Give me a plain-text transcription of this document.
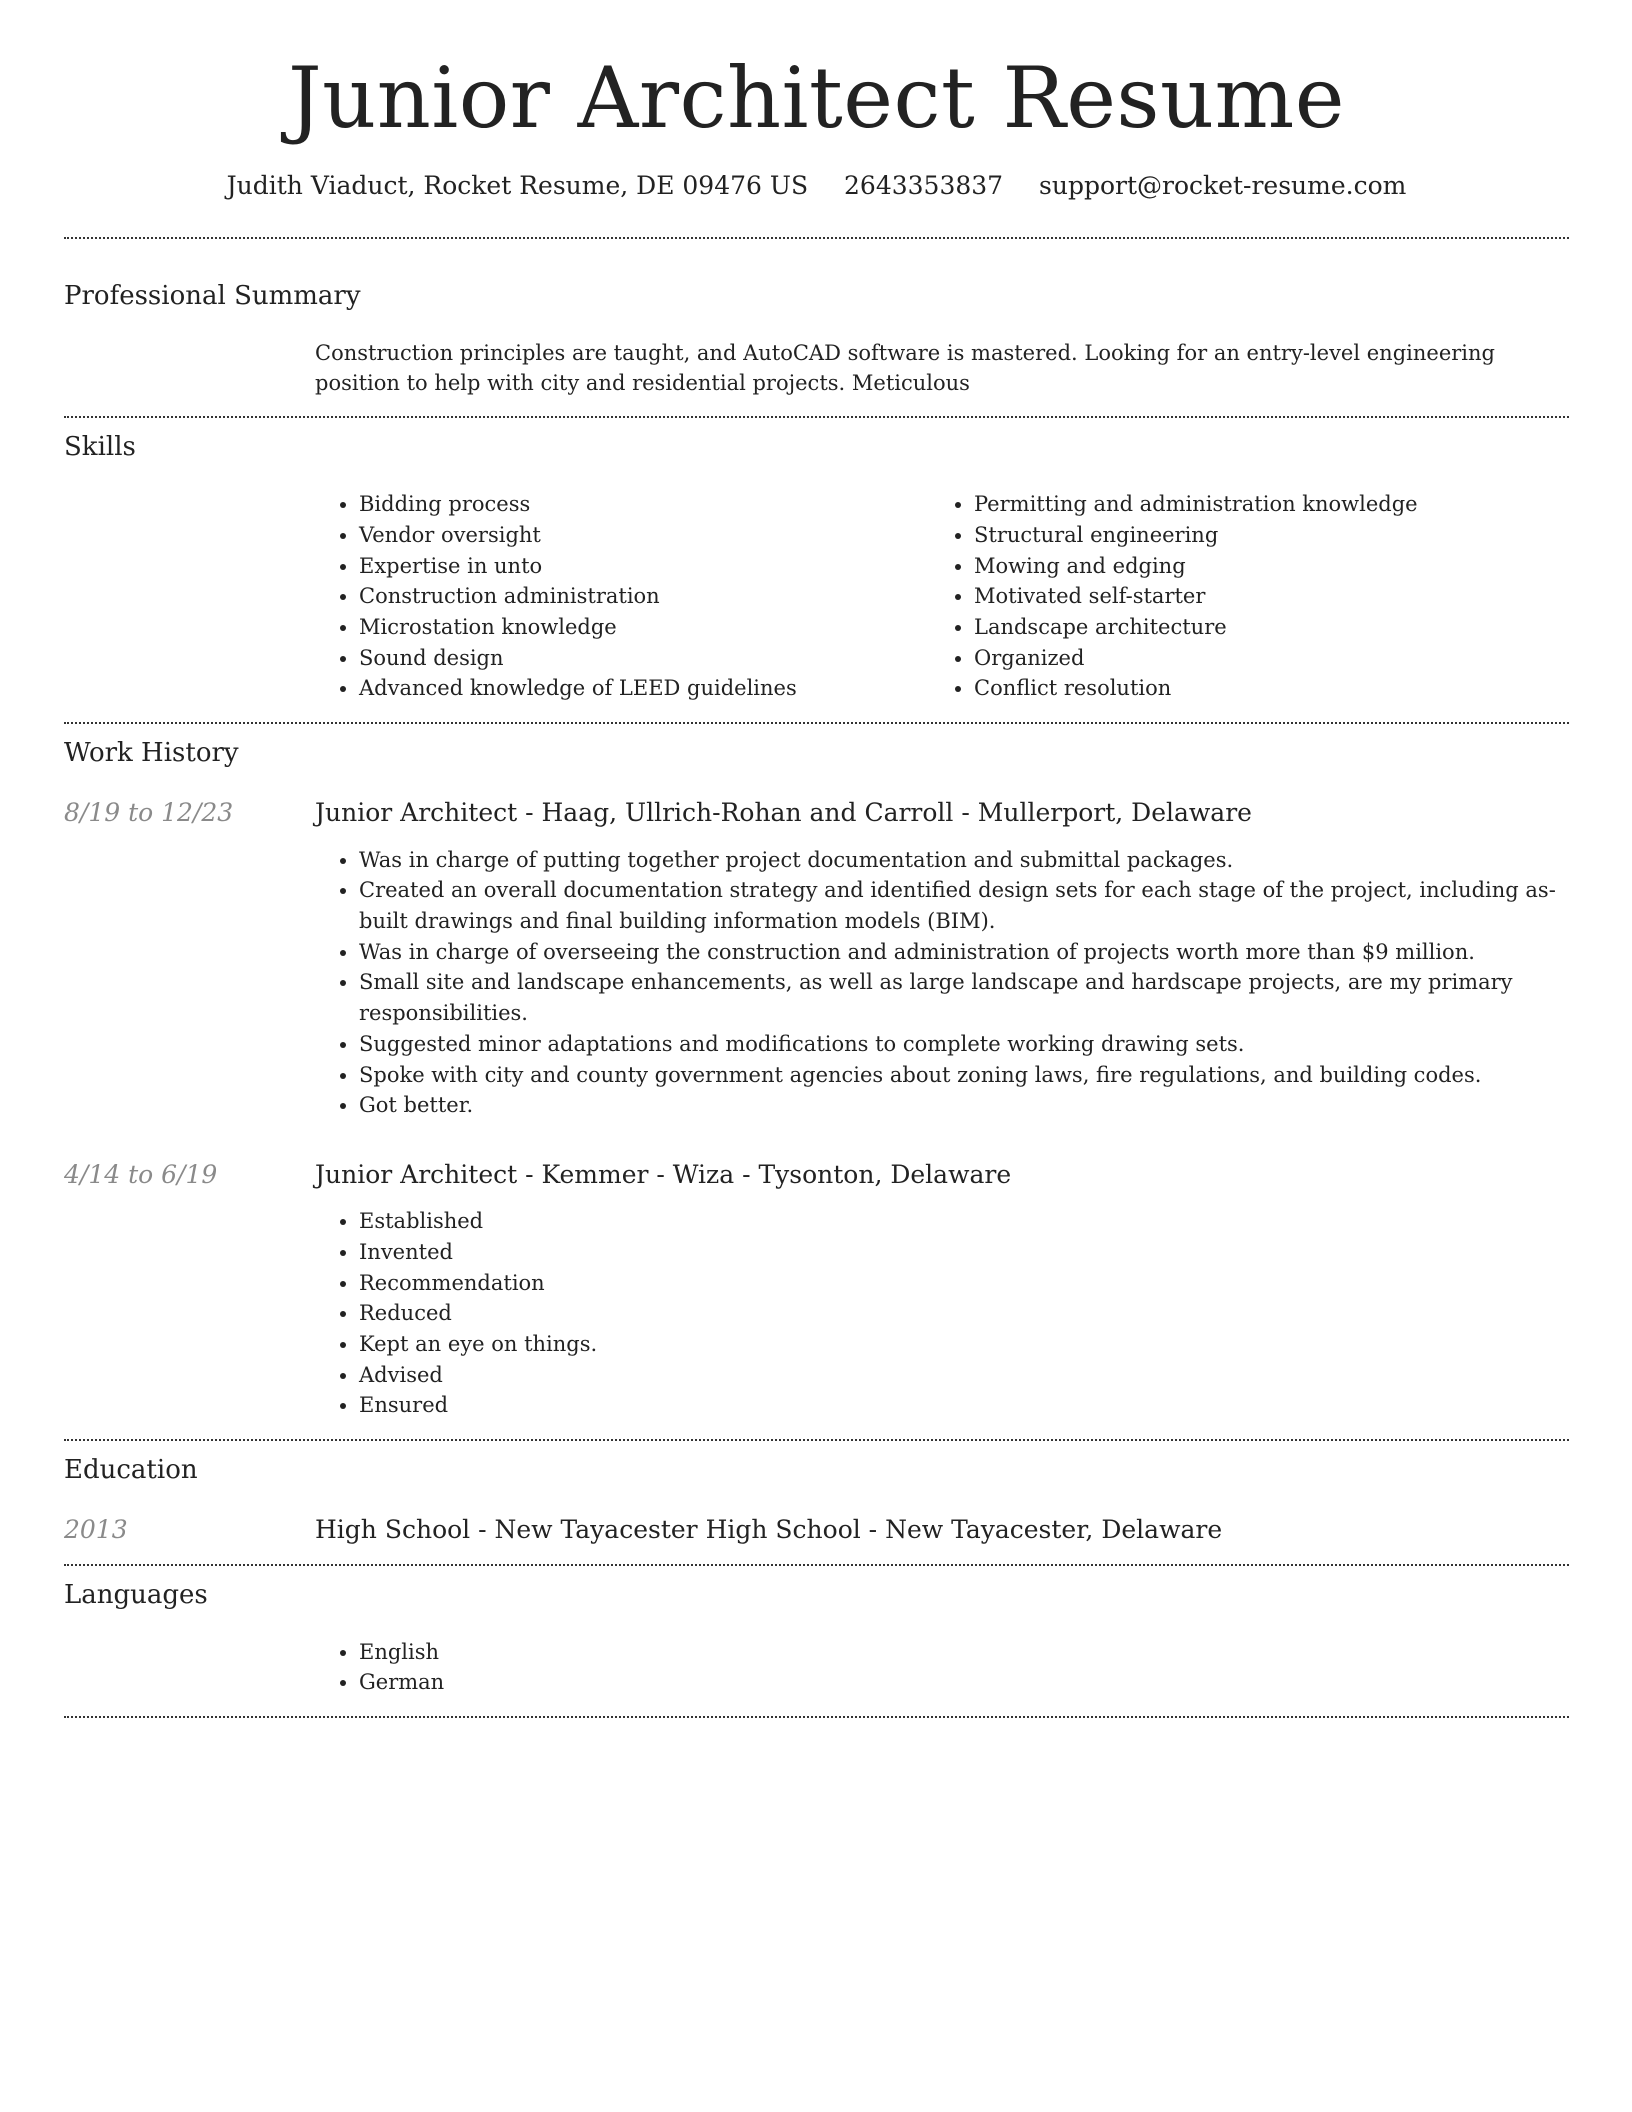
Junior Architect Resume
Judith Viaduct, Rocket Resume, DE 09476 US 2643353837 support@rocket-resume.com
Professional Summary

Construction principles are taught, and AutoCAD software is mastered. Looking for an entry-level engineering position to help with city and residential projects. Meticulous

Skills
• Bidding process
• Vendor oversight
• Expertise in unto
• Construction administration
• Microstation knowledge
• Sound design
• Advanced knowledge of LEED guidelines
• Permitting and administration knowledge
• Structural engineering
• Mowing and edging
• Motivated self-starter
• Landscape architecture
• Organized
• Conflict resolution
Work History
8/19 to 12/23	Junior Architect - Haag, Ullrich-Rohan and Carroll - Mullerport, Delaware
• Was in charge of putting together project documentation and submittal packages.
• Created an overall documentation strategy and identified design sets for each stage of the project, including as-built drawings and final building information models (BIM).
• Was in charge of overseeing the construction and administration of projects worth more than $9 million.
• Small site and landscape enhancements, as well as large landscape and hardscape projects, are my primary responsibilities.
• Suggested minor adaptations and modifications to complete working drawing sets.
• Spoke with city and county government agencies about zoning laws, fire regulations, and building codes.
• Got better.
4/14 to 6/19	Junior Architect - Kemmer - Wiza - Tysonton, Delaware
• Established
• Invented
• Recommendation
• Reduced
• Kept an eye on things.
• Advised
• Ensured
Education
2013	High School - New Tayacester High School - New Tayacester, Delaware
Languages
• English
• German
